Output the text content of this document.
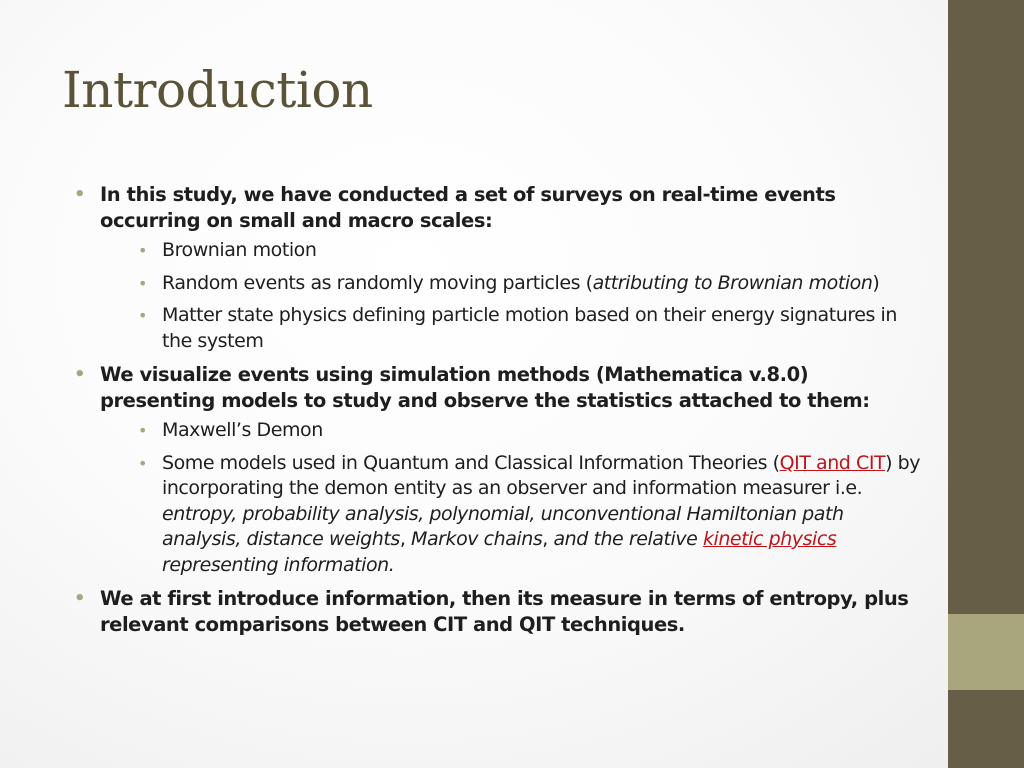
Introduction
• In this study, we have conducted a set of surveys on real-time events occurring on small and macro scales:
• Brownian motion
• Random events as randomly moving particles (attributing to Brownian motion)
• Matter state physics defining particle motion based on their energy signatures in the system
• We visualize events using simulation methods (Mathematica v.8.0) presenting models to study and observe the statistics attached to them:
• Maxwell’s Demon
• Some models used in Quantum and Classical Information Theories (QIT and CIT) by incorporating the demon entity as an observer and information measurer i.e. entropy, probability analysis, polynomial, unconventional Hamiltonian path analysis, distance weights, Markov chains, and the relative kinetic physics representing information.
• We at first introduce information, then its measure in terms of entropy, plus relevant comparisons between CIT and QIT techniques.
